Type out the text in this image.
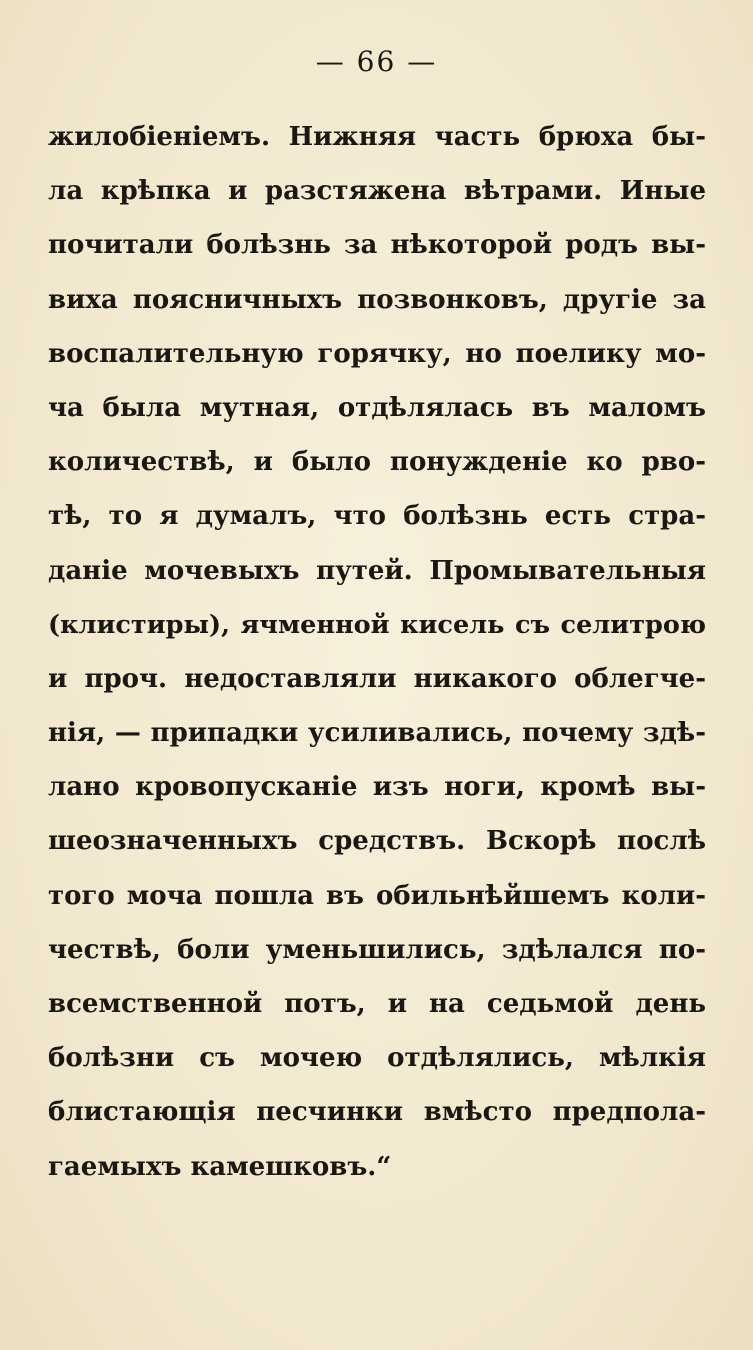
— 66 —
жилобіеніемъ. Нижняя часть брюха бы-
ла крѣпка и разстяжена вѣтрами. Иные
почитали болѣзнь за нѣкоторой родъ вы-
виха поясничныхъ позвонковъ, другіе за
воспалительную горячку, но поелику мо-
ча была мутная, отдѣлялась въ маломъ
количествѣ, и было понужденіе ко рво-
тѣ, то я думалъ, что болѣзнь есть стра-
даніе мочевыхъ путей. Промывательныя
(клистиры), ячменной кисель съ селитрою
и проч. недоставляли никакого облегче-
нія, — припадки усиливались, почему здѣ-
лано кровопусканіе изъ ноги, кромѣ вы-
шеозначенныхъ средствъ. Вскорѣ послѣ
того моча пошла въ обильнѣйшемъ коли-
чествѣ, боли уменьшились, здѣлался по-
всемственной потъ, и на седьмой день
болѣзни съ мочею отдѣлялись, мѣлкія
блистающія песчинки вмѣсто предпола-
гаемыхъ камешковъ.“
